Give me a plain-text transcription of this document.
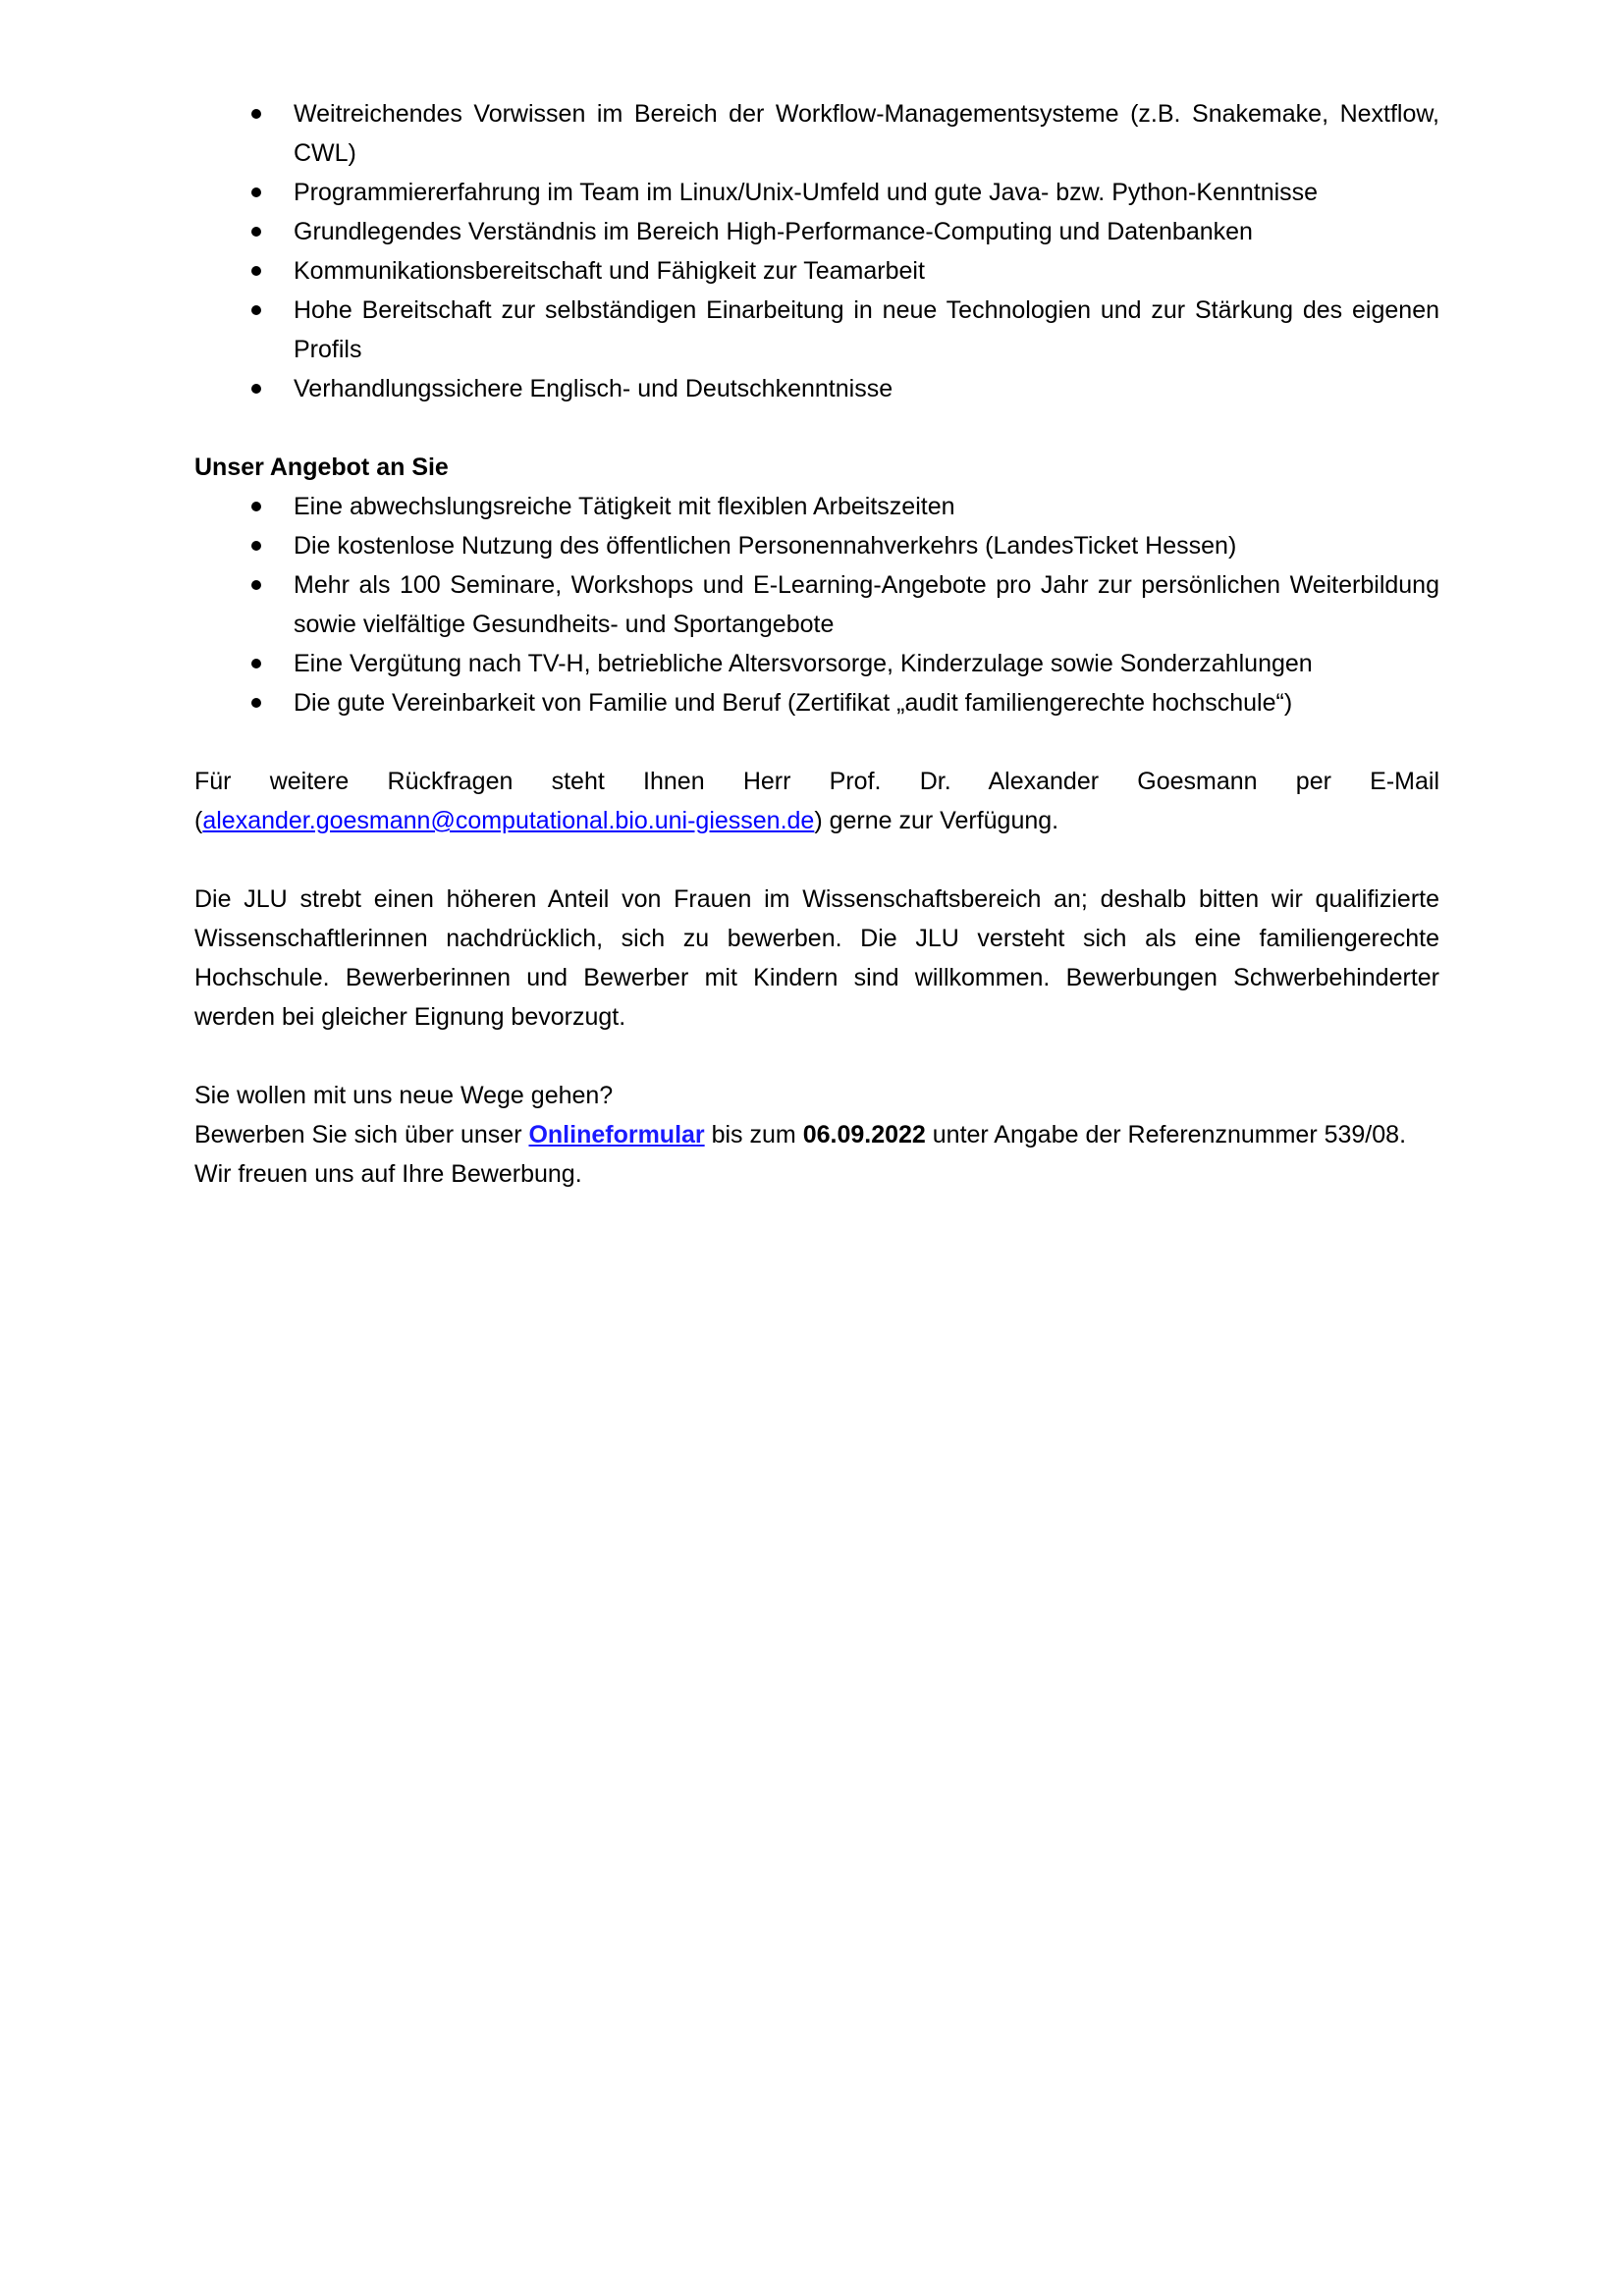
Weitreichendes Vorwissen im Bereich der Workflow-Managementsysteme (z.B. Snakemake, Nextflow, CWL)
Programmiererfahrung im Team im Linux/Unix-Umfeld und gute Java- bzw. Python-Kenntnisse
Grundlegendes Verständnis im Bereich High-Performance-Computing und Datenbanken
Kommunikationsbereitschaft und Fähigkeit zur Teamarbeit
Hohe Bereitschaft zur selbständigen Einarbeitung in neue Technologien und zur Stärkung des eigenen Profils
Verhandlungssichere Englisch- und Deutschkenntnisse
Unser Angebot an Sie
Eine abwechslungsreiche Tätigkeit mit flexiblen Arbeitszeiten
Die kostenlose Nutzung des öffentlichen Personennahverkehrs (LandesTicket Hessen)
Mehr als 100 Seminare, Workshops und E-Learning-Angebote pro Jahr zur persönlichen Weiterbildung sowie vielfältige Gesundheits- und Sportangebote
Eine Vergütung nach TV-H, betriebliche Altersvorsorge, Kinderzulage sowie Sonderzahlungen
Die gute Vereinbarkeit von Familie und Beruf (Zertifikat „audit familiengerechte hochschule“)
Für weitere Rückfragen steht Ihnen Herr Prof. Dr. Alexander Goesmann per E-Mail
(alexander.goesmann@computational.bio.uni-giessen.de) gerne zur Verfügung.
Die JLU strebt einen höheren Anteil von Frauen im Wissenschaftsbereich an; deshalb bitten wir qualifizierte Wissenschaftlerinnen nachdrücklich, sich zu bewerben. Die JLU versteht sich als eine familiengerechte Hochschule. Bewerberinnen und Bewerber mit Kindern sind willkommen. Bewerbungen Schwerbehinderter werden bei gleicher Eignung bevorzugt.
Sie wollen mit uns neue Wege gehen?
Bewerben Sie sich über unser Onlineformular bis zum 06.09.2022 unter Angabe der Referenznummer 539/08.
Wir freuen uns auf Ihre Bewerbung.
